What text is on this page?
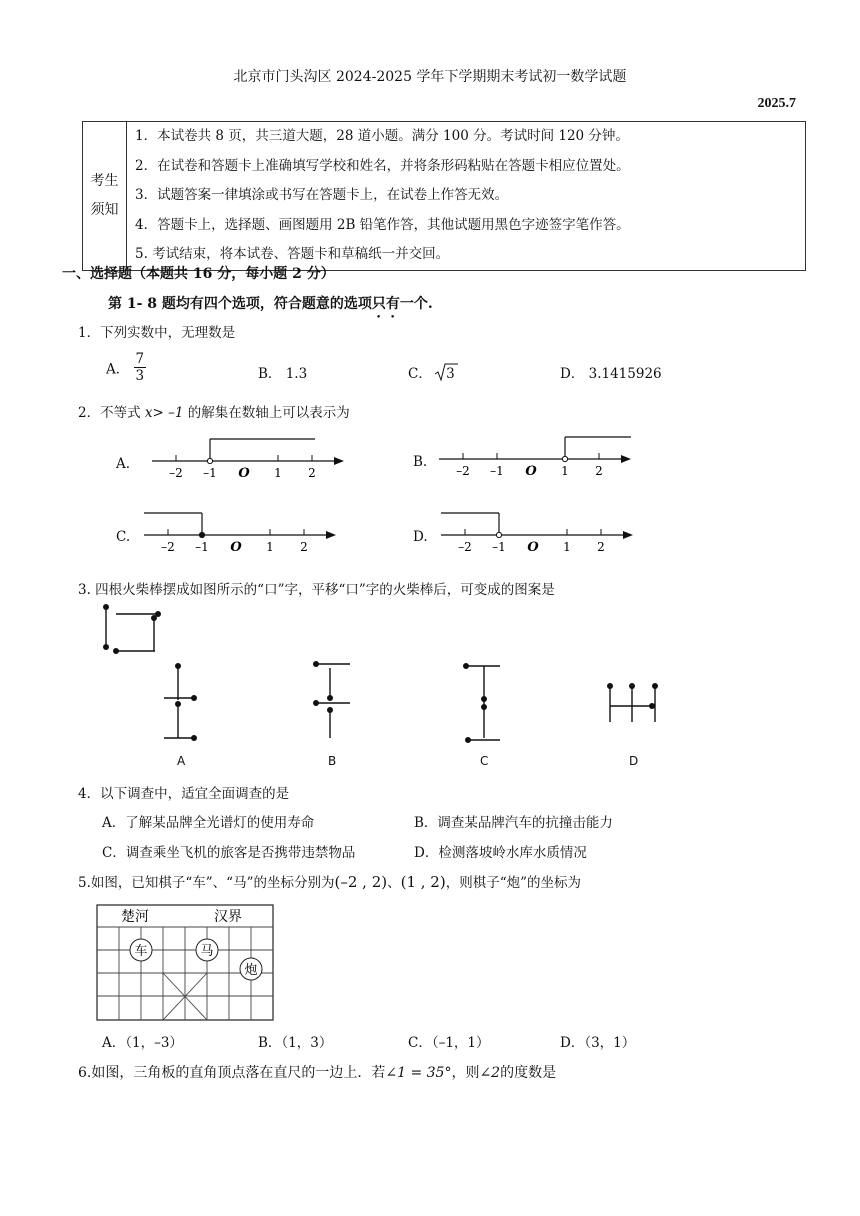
北京市门头沟区 2024-2025 学年下学期期末考试初一数学试题
2025.7
考生
须知

1．本试卷共 8 页，共三道大题，28 道小题。满分 100 分。考试时间 120 分钟。
2．在试卷和答题卡上准确填写学校和姓名，并将条形码粘贴在答题卡相应位置处。
3．试题答案一律填涂或书写在答题卡上，在试卷上作答无效。
4．答题卡上，选择题、画图题用 2B 铅笔作答，其他试题用黑色字迹签字笔作答。
5. 考试结束，将本试卷、答题卡和草稿纸一并交回。
一、选择题（本题共 16 分，每小题 2 分）
第 1- 8 题均有四个选项，符合题意的选项只有一个.
1．下列实数中，无理数是
A． $\frac{7}{3}$	B． 1.3	C． 3	D． 3.1415926
2．不等式 x> –1 的解集在数轴上可以表示为
A.	B.
C.	D.
–2 –1 O 1 2	–2 –1 O 1 2
–2 –1 O 1 2	–2 –1 O 1 2
3. 四根火柴棒摆成如图所示的“口”字，平移“口”字的火柴棒后，可变成的图案是
A	B	C	D
4．以下调查中，适宜全面调查的是
A．了解某品牌全光谱灯的使用寿命	B．调查某品牌汽车的抗撞击能力
C．调查乘坐飞机的旅客是否携带违禁物品	D．检测落坡岭水库水质情况
5.如图，已知棋子“车”、“马”的坐标分别为(–2 , 2)、(1 , 2)，则棋子“炮”的坐标为
楚河	汉界
车	马
炮
A．（1，–3）	B．（1，3）	C．（–1，1）	D．（3，1）
6.如图，三角板的直角顶点落在直尺的一边上．若∠1 = 35°，则∠2的度数是
